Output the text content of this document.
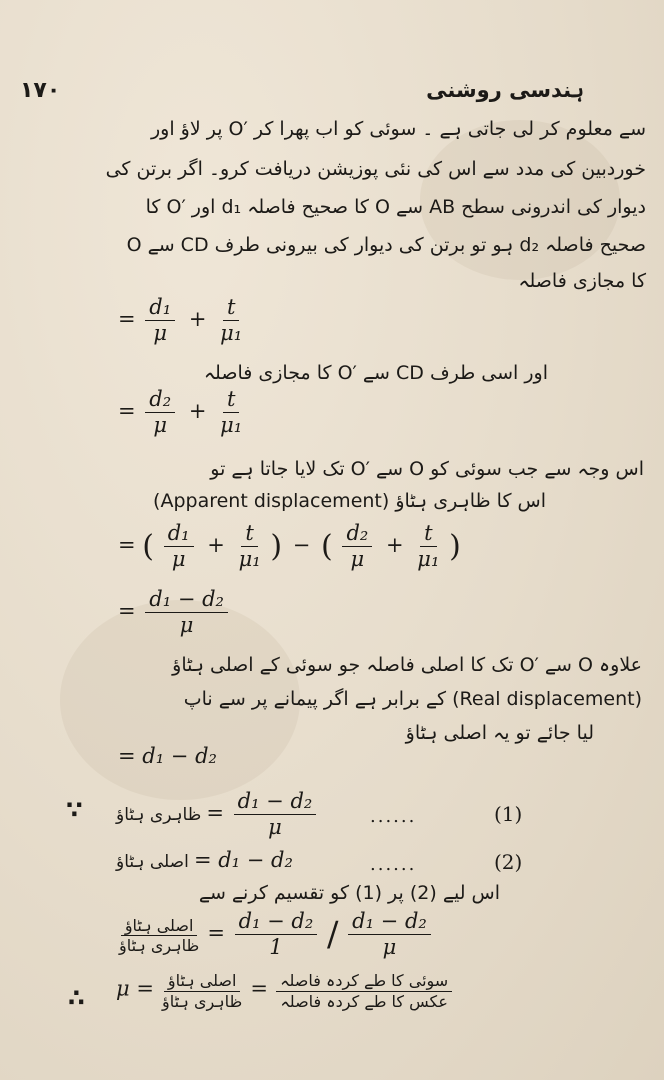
۱۷۰	ہندسی روشنی
سے معلوم کر لی جاتی ہے ۔ سوئی کو اب پھرا کر ′O پر لاؤ اور
خوردبین کی مدد سے اس کی نئی پوزیشن دریافت کرو۔ اگر برتن کی
دیوار کی اندرونی سطح AB سے O کا صحیح فاصلہ d₁ اور ′O کا
صحیح فاصلہ d₂ ہو تو برتن کی دیوار کی بیرونی طرف CD سے O
کا مجازی فاصلہ
= $\frac{\text{d₁}}{\mu} + \frac{t}{\text{μ₁}}$
اور اسی طرف CD سے ′O کا مجازی فاصلہ
= $\frac{\text{d₂}}{\mu} + \frac{t}{\text{μ₁}}$
اس وجہ سے جب سوئی کو O سے ′O تک لایا جاتا ہے تو
اس کا ظاہری ہٹاؤ (Apparent displacement)
= ( $\frac{\text{d₁}}{\mu} + \frac{t}{\text{μ₁}}$ ) − ( $\frac{\text{d₂}}{\mu} + \frac{t}{\text{μ₁}}$ )
= $\frac{\text{d₁ − d₂}}{\mu}$
علاوہ O سے ′O تک کا اصلی فاصلہ جو سوئی کے اصلی ہٹاؤ
(Real displacement) کے برابر ہے اگر پیمانے پر سے ناپ
لیا جائے تو یہ اصلی ہٹاؤ
= d₁ − d₂
∵ ظاہری ہٹاؤ = $\frac{\text{d₁ − d₂}}{\mu}$	......	(1)
اصلی ہٹاؤ = d₁ − d₂	......	(2)
اس لیے (2) پر (1) کو تقسیم کرنے سے
$\frac{\text{اصلی ہٹاؤ}}{\text{ظاہری ہٹاؤ}} = \frac{\text{d₁ − d₂}}{1} / \frac{\text{d₁ − d₂}}{\mu}$
∴ $\mu = \frac{\text{اصلی ہٹاؤ}}{\text{ظاہری ہٹاؤ}} = \frac{\text{سوئی کا طے کردہ فاصلہ}}{\text{عکس کا طے کردہ فاصلہ}}$
